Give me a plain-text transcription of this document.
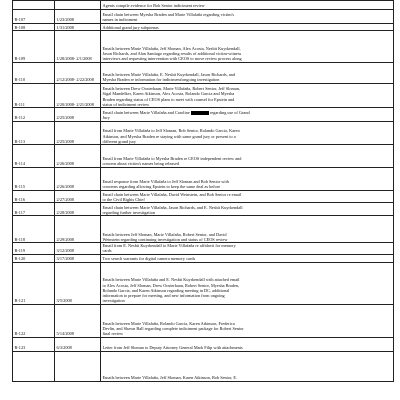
		Agents compile evidence for Bob Senior indictment review

B-107	1/23/2008	Email chain between Myesha Braden and Marie Villafaña regarding victim's
names in indictment

B-108	1/31/2008	Additional grand jury subpoenas

B-109	1/28/2008- 2/1/2008	Emails between Marie Villafaña, Jeff Sloman, Alex Acosta, Nesbit Kuyrkendall,
Jason Richards, and Alan Santiago regarding results of additional victim-witness
interviews and requesting intervention with CEOS to move review process along

B-110	2/12/2008- 2/22/2008	Emails between Marie Villafaña, E. Nesbit Kuyrkendall, Jason Richards, and
Myesha Braden re information for indictment/ongoing investigation

B-111	2/20/2008- 2/21/2008	Emails between Drew Oosterbaan, Marie Villafaña, Robert Senior, Jeff Sloman,
Sigal Mandelker, Karen Atkinson, Alex Acosta, Rolando Garcia and Myesha
Braden regarding status of CEOS plans to meet with counsel for Epstein and
status of indictment review

B-112	2/25/2008	Email chain between Marie Villafaña and Caroline regarding use of Grand
Jury

B-113	2/25/2008	Email from Marie Villafaña to Jeff Sloman, Bob Senior, Rolando Garcia, Karen
Atkinson, and Myesha Braden re staying with same grand jury or present to a
different grand jury

B-114	2/26/2008	Email from Marie Villafaña to Myesha Braden re CEOS independent review and
concern about victim's names being released

B-115	2/26/2008	Email response from Marie Villafaña to Jeff Sloman and Bob Senior with
concerns regarding allowing Epstein to keep the same deal as before

B-116	2/27/2008	Email chain between Marie Villafaña, David Weinstein, and Bob Senior re email
to the Civil Rights Chief

B-117	2/28/2008	Email chain between Marie Villafaña, Jason Richards, and E. Nesbit Kuyrkendall
regarding further investigation

B-118	2/29/2008	Emails between Jeff Sloman, Marie Villafaña, Robert Senior, and David
Weinstein regarding continuing investigation and status of CEOS review

B-119	3/12/2008	Email from E. Nesbit Kuyrkendall to Marie Villafaña re affidavit for memory
cards

B-120	3/17/2008	Two search warrants for digital camera memory cards

B-121	3/5/2008	Emails between Marie Villafaña and E. Nesbit Kuyrkendall with attached email
to Alex Acosta, Jeff Sloman, Drew Oosterbaan, Robert Senior, Myesha Braden,
Rolando Garcia, and Karen Atkinson regarding meeting in DC, additional
information to prepare for meeting, and new information from ongoing
investigation

B-122	5/14/2008	Emails between Marie Villafaña, Rolando Garcia, Karen Atkinson, Frederica
Devlin, and Shawn Ball regarding complete indictment package for Robert Senior
final review

B-123	6/3/2008	Letter from Jeff Sloman to Deputy Attorney General Mark Filip with attachments

		Emails between Marie Villafaña, Jeff Sloman, Karen Atkinson, Bob Senior, E.
